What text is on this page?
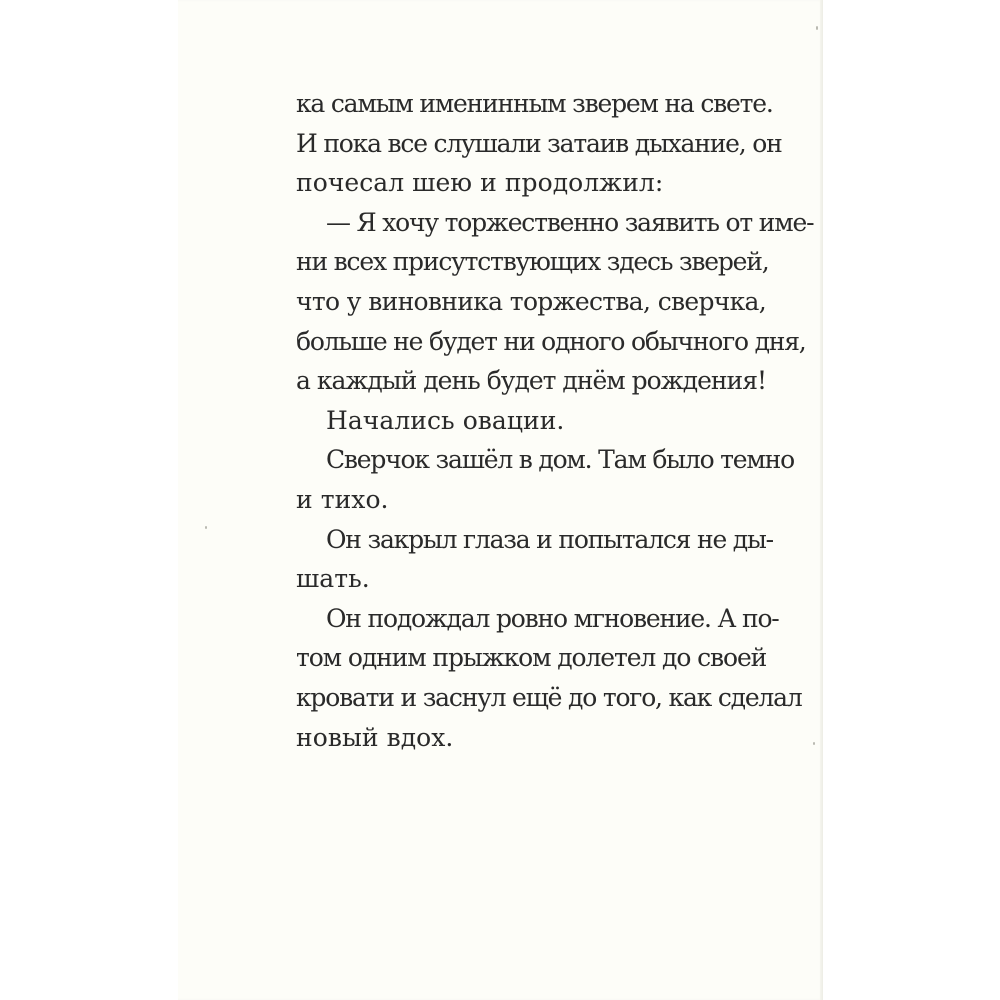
ка самым именинным зверем на свете.
И пока все слушали затаив дыхание, он
почесал шею и продолжил:
— Я хочу торжественно заявить от име-
ни всех присутствующих здесь зверей,
что у виновника торжества, сверчка,
больше не будет ни одного обычного дня,
а каждый день будет днём рождения!
Начались овации.
Сверчок зашёл в дом. Там было темно
и тихо.
Он закрыл глаза и попытался не ды-
шать.
Он подождал ровно мгновение. А по-
том одним прыжком долетел до своей
кровати и заснул ещё до того, как сделал
новый вдох.
